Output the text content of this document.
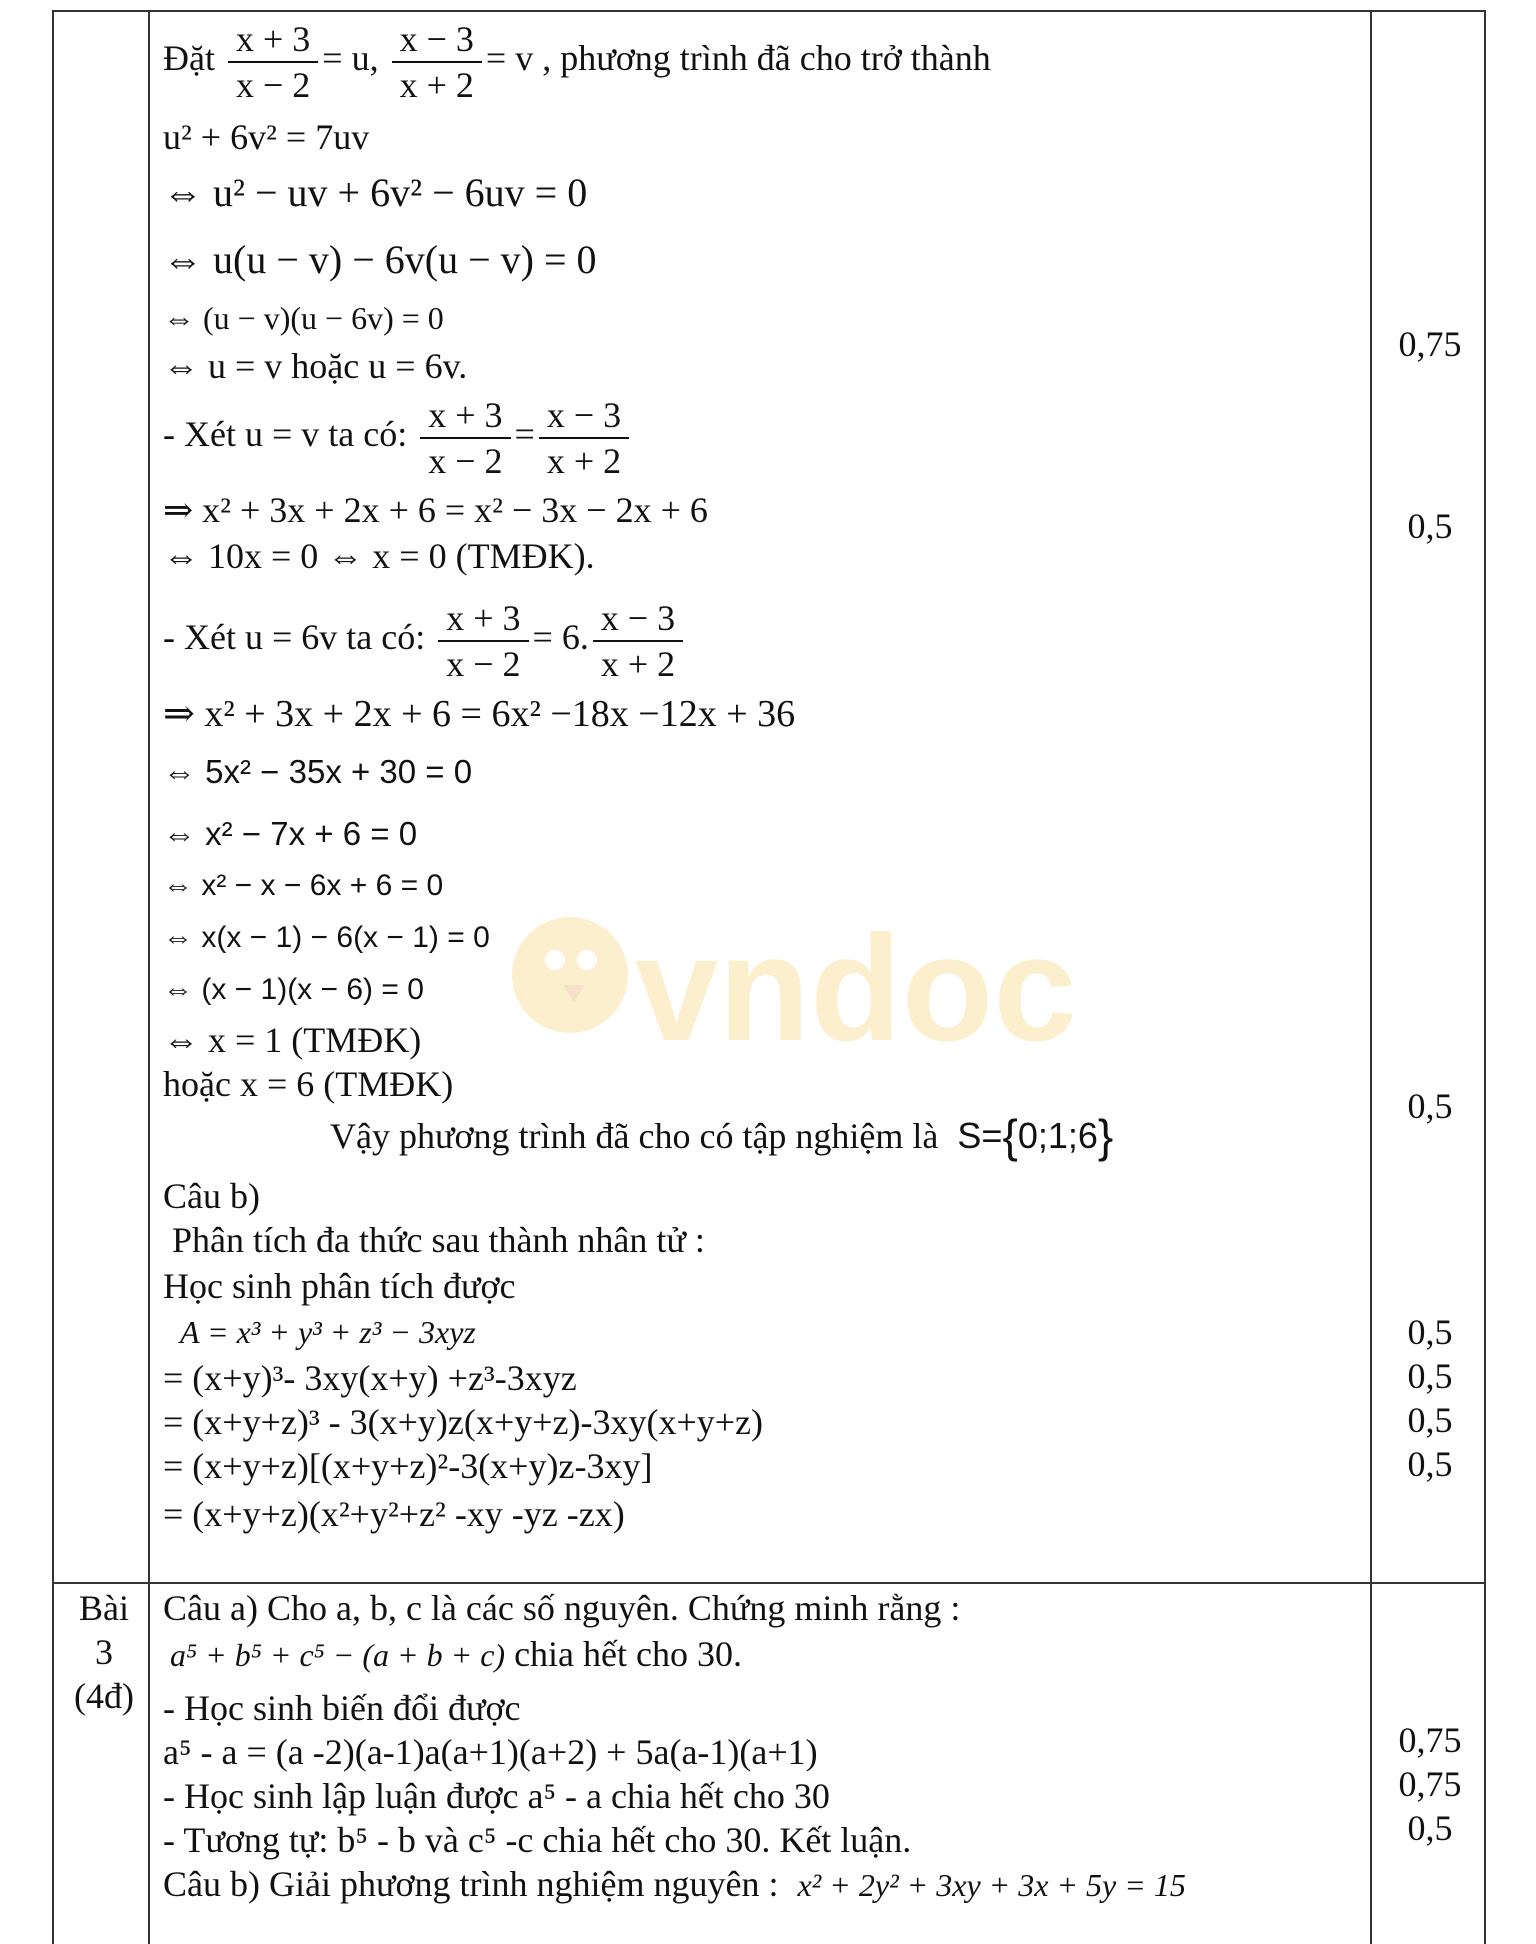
vndoc
Đặt $\frac{x + 3}{x - 2} = u$, $\frac{x - 3}{x + 2} = v$ , phương trình đã cho trở thành
u² + 6v² = 7uv
⇔ u² − uv + 6v² − 6uv = 0
⇔ u(u − v) − 6v(u − v) = 0
⇔ (u − v)(u − 6v) = 0
⇔ u = v hoặc u = 6v.
- Xét u = v ta có: $\frac{x + 3}{x - 2} = \frac{x - 3}{x + 2}$
⇒ x² + 3x + 2x + 6 = x² − 3x − 2x + 6
⇔ 10x = 0 ⇔ x = 0 (TMĐK).
- Xét u = 6v ta có: $\frac{x + 3}{x - 2} = 6$. $\frac{x - 3}{x + 2}$
⇒ x² + 3x + 2x + 6 = 6x² −18x −12x + 36
⇔ 5x² − 35x + 30 = 0
⇔ x² − 7x + 6 = 0
⇔ x² − x − 6x + 6 = 0
⇔ x(x − 1) − 6(x − 1) = 0
⇔ (x − 1)(x − 6) = 0
⇔ x = 1 (TMĐK)
hoặc x = 6 (TMĐK)
Vậy phương trình đã cho có tập nghiệm là S={0;1;6}
Câu b)
Phân tích đa thức sau thành nhân tử :
Học sinh phân tích được
A = x³ + y³ + z³ − 3xyz
= (x+y)³- 3xy(x+y) +z³-3xyz
= (x+y+z)³ - 3(x+y)z(x+y+z)-3xy(x+y+z)
= (x+y+z)[(x+y+z)²-3(x+y)z-3xy]
= (x+y+z)(x²+y²+z² -xy -yz -zx)
Bài
3
(4đ)
Câu a) Cho a, b, c là các số nguyên. Chứng minh rằng :
a⁵ + b⁵ + c⁵ − (a + b + c) chia hết cho 30.
- Học sinh biến đổi được
a⁵ - a = (a -2)(a-1)a(a+1)(a+2) + 5a(a-1)(a+1)
- Học sinh lập luận được a⁵ - a chia hết cho 30
- Tương tự: b⁵ - b và c⁵ -c chia hết cho 30. Kết luận.
Câu b) Giải phương trình nghiệm nguyên : x² + 2y² + 3xy + 3x + 5y = 15
0,75
0,5
0,5
0,5
0,5
0,5
0,5
0,75
0,75
0,5
